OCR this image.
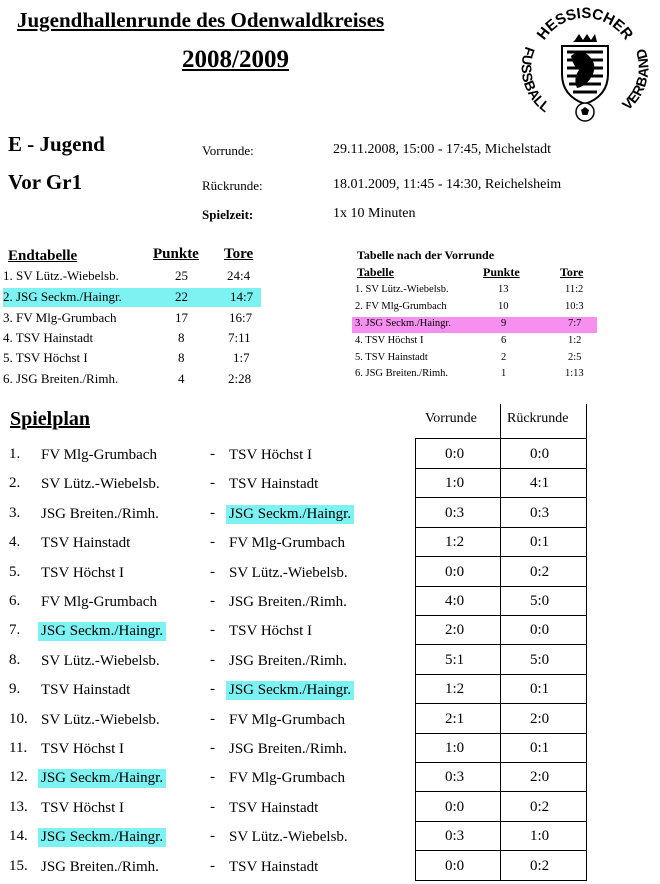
Jugendhallenrunde des Odenwaldkreises
2008/2009
HESSISCHER
FUSSBALL	VERBAND
E - Jugend
Vor Gr1
Vorrunde:	29.11.2008, 15:00 - 17:45, Michelstadt
Rückrunde:	18.01.2009, 11:45 - 14:30, Reichelsheim
Spielzeit:	1x 10 Minuten
Endtabelle	Punkte Tore
1. SV Lütz.-Wiebelsb.	25	24:4
2. JSG Seckm./Haingr.	22	14:7
3. FV Mlg-Grumbach	17	16:7
4. TSV Hainstadt	8	7:11
5. TSV Höchst I	8	1:7
6. JSG Breiten./Rimh.	4	2:28
Tabelle nach der Vorrunde
Tabelle	Punkte	Tore
1. SV Lütz.-Wiebelsb.	13	11:2
2. FV Mlg-Grumbach	10	10:3
3. JSG Seckm./Haingr.	9	7:7
4. TSV Höchst I	6	1:2
5. TSV Hainstadt	2	2:5
6. JSG Breiten./Rimh.	1	1:13
Spielplan	Vorrunde Rückrunde
1. FV Mlg-Grumbach	- TSV Höchst I	0:0	0:0
2. SV Lütz.-Wiebelsb.	- TSV Hainstadt	1:0	4:1
3. JSG Breiten./Rimh.	- JSG Seckm./Haingr.	0:3	0:3
4. TSV Hainstadt	- FV Mlg-Grumbach	1:2	0:1
5. TSV Höchst I	- SV Lütz.-Wiebelsb.	0:0	0:2
6. FV Mlg-Grumbach	- JSG Breiten./Rimh.	4:0	5:0
7. JSG Seckm./Haingr.	- TSV Höchst I	2:0	0:0
8. SV Lütz.-Wiebelsb.	- JSG Breiten./Rimh.	5:1	5:0
9. TSV Hainstadt	- JSG Seckm./Haingr.	1:2	0:1
10. SV Lütz.-Wiebelsb.	- FV Mlg-Grumbach	2:1	2:0
11. TSV Höchst I	- JSG Breiten./Rimh.	1:0	0:1
12. JSG Seckm./Haingr.	- FV Mlg-Grumbach	0:3	2:0
13. TSV Höchst I	- TSV Hainstadt	0:0	0:2
14. JSG Seckm./Haingr.	- SV Lütz.-Wiebelsb.	0:3	1:0
15. JSG Breiten./Rimh.	- TSV Hainstadt	0:0	0:2
